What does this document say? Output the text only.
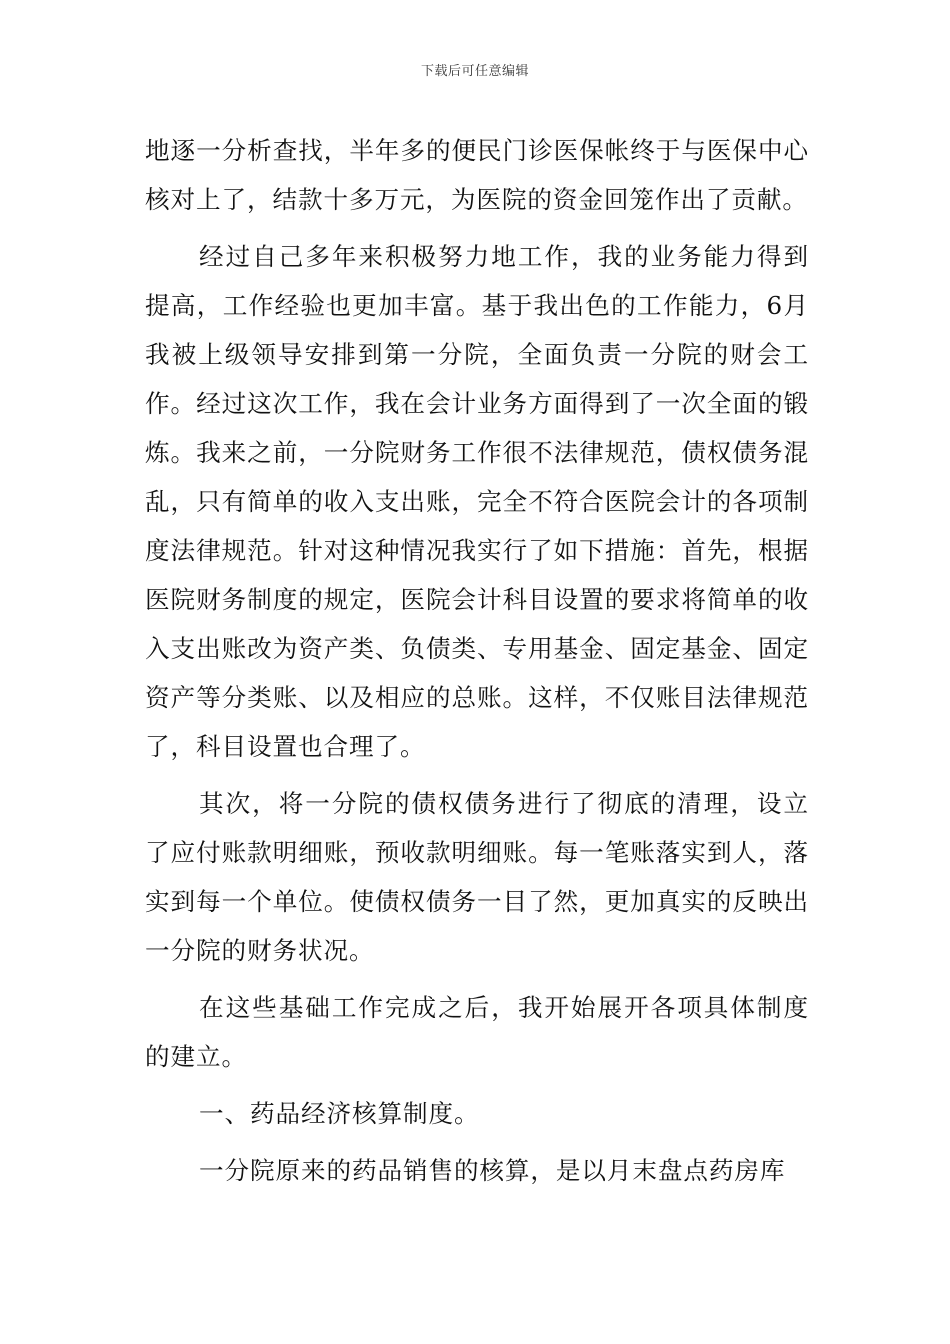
下载后可任意编辑

地逐一分析查找，半年多的便民门诊医保帐终于与医保中心核对上了，结款十多万元，为医院的资金回笼作出了贡献。

经过自己多年来积极努力地工作，我的业务能力得到提高，工作经验也更加丰富。基于我出色的工作能力，6月我被上级领导安排到第一分院，全面负责一分院的财会工作。经过这次工作，我在会计业务方面得到了一次全面的锻炼。我来之前，一分院财务工作很不法律规范，债权债务混乱，只有简单的收入支出账，完全不符合医院会计的各项制度法律规范。针对这种情况我实行了如下措施：首先，根据医院财务制度的规定，医院会计科目设置的要求将简单的收入支出账改为资产类、负债类、专用基金、固定基金、固定资产等分类账、以及相应的总账。这样，不仅账目法律规范了，科目设置也合理了。

其次，将一分院的债权债务进行了彻底的清理，设立了应付账款明细账，预收款明细账。每一笔账落实到人，落实到每一个单位。使债权债务一目了然，更加真实的反映出一分院的财务状况。

在这些基础工作完成之后，我开始展开各项具体制度的建立。

一、药品经济核算制度。

一分院原来的药品销售的核算，是以月末盘点药房库
